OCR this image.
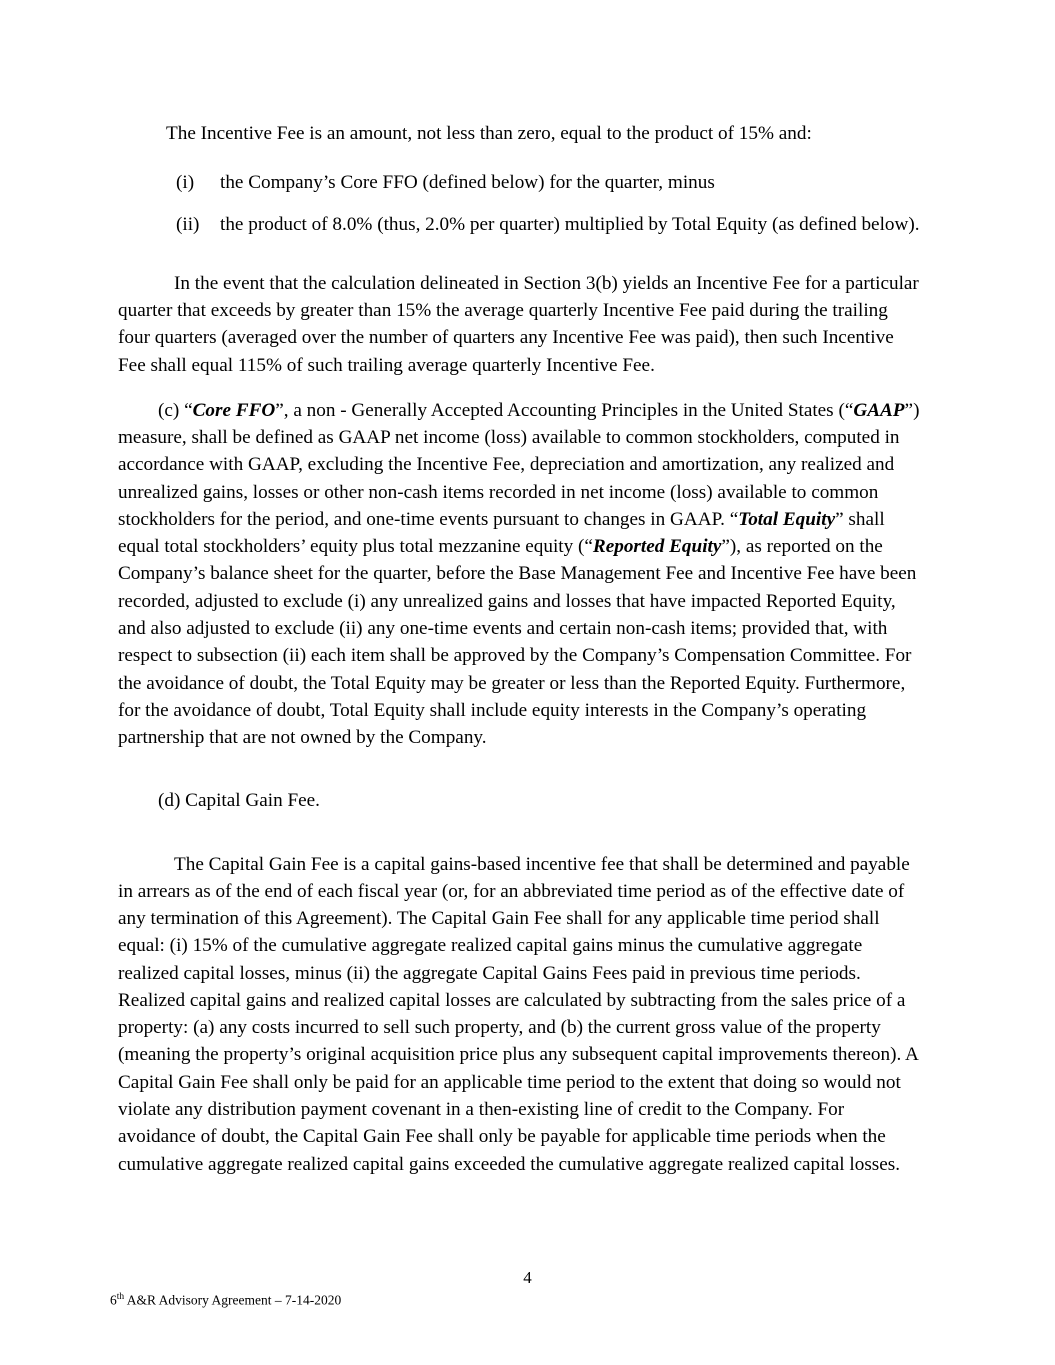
The Incentive Fee is an amount, not less than zero, equal to the product of 15% and:

(i)	the Company’s Core FFO (defined below) for the quarter, minus
(ii)	the product of 8.0% (thus, 2.0% per quarter) multiplied by Total Equity (as defined below).

In the event that the calculation delineated in Section 3(b) yields an Incentive Fee for a particular quarter that exceeds by greater than 15% the average quarterly Incentive Fee paid during the trailing four quarters (averaged over the number of quarters any Incentive Fee was paid), then such Incentive Fee shall equal 115% of such trailing average quarterly Incentive Fee.

(c) “Core FFO”, a non - Generally Accepted Accounting Principles in the United States (“GAAP”) measure, shall be defined as GAAP net income (loss) available to common stockholders, computed in accordance with GAAP, excluding the Incentive Fee, depreciation and amortization, any realized and unrealized gains, losses or other non-cash items recorded in net income (loss) available to common stockholders for the period, and one-time events pursuant to changes in GAAP. “Total Equity” shall equal total stockholders’ equity plus total mezzanine equity (“Reported Equity”), as reported on the Company’s balance sheet for the quarter, before the Base Management Fee and Incentive Fee have been recorded, adjusted to exclude (i) any unrealized gains and losses that have impacted Reported Equity, and also adjusted to exclude (ii) any one-time events and certain non-cash items; provided that, with respect to subsection (ii) each item shall be approved by the Company’s Compensation Committee. For the avoidance of doubt, the Total Equity may be greater or less than the Reported Equity. Furthermore, for the avoidance of doubt, Total Equity shall include equity interests in the Company’s operating partnership that are not owned by the Company.

(d) Capital Gain Fee.

The Capital Gain Fee is a capital gains-based incentive fee that shall be determined and payable in arrears as of the end of each fiscal year (or, for an abbreviated time period as of the effective date of any termination of this Agreement). The Capital Gain Fee shall for any applicable time period shall equal: (i) 15% of the cumulative aggregate realized capital gains minus the cumulative aggregate realized capital losses, minus (ii) the aggregate Capital Gains Fees paid in previous time periods. Realized capital gains and realized capital losses are calculated by subtracting from the sales price of a property: (a) any costs incurred to sell such property, and (b) the current gross value of the property (meaning the property’s original acquisition price plus any subsequent capital improvements thereon). A Capital Gain Fee shall only be paid for an applicable time period to the extent that doing so would not violate any distribution payment covenant in a then-existing line of credit to the Company. For avoidance of doubt, the Capital Gain Fee shall only be payable for applicable time periods when the cumulative aggregate realized capital gains exceeded the cumulative aggregate realized capital losses.

4
6th A&R Advisory Agreement – 7-14-2020
